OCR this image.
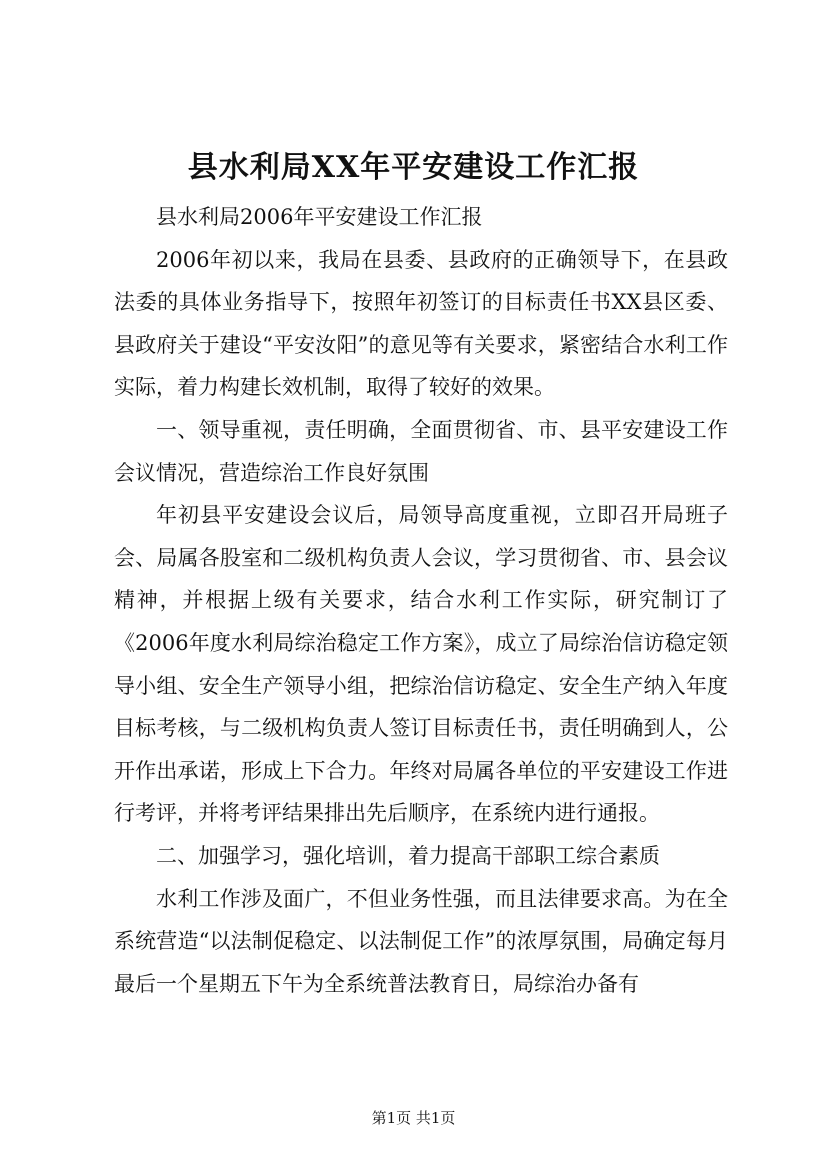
县水利局XX年平安建设工作汇报

县水利局2006年平安建设工作汇报

2006年初以来，我局在县委、县政府的正确领导下，在县政法委的具体业务指导下，按照年初签订的目标责任书XX县区委、县政府关于建设“平安汝阳”的意见等有关要求，紧密结合水利工作实际，着力构建长效机制，取得了较好的效果。

一、领导重视，责任明确，全面贯彻省、市、县平安建设工作会议情况，营造综治工作良好氛围

年初县平安建设会议后，局领导高度重视，立即召开局班子会、局属各股室和二级机构负责人会议，学习贯彻省、市、县会议精神，并根据上级有关要求，结合水利工作实际，研究制订了《2006年度水利局综治稳定工作方案》，成立了局综治信访稳定领导小组、安全生产领导小组，把综治信访稳定、安全生产纳入年度目标考核，与二级机构负责人签订目标责任书，责任明确到人，公开作出承诺，形成上下合力。年终对局属各单位的平安建设工作进行考评，并将考评结果排出先后顺序，在系统内进行通报。

二、加强学习，强化培训，着力提高干部职工综合素质

水利工作涉及面广，不但业务性强，而且法律要求高。为在全系统营造“以法制促稳定、以法制促工作”的浓厚氛围，局确定每月最后一个星期五下午为全系统普法教育日，局综治办备有

第1页 共1页
